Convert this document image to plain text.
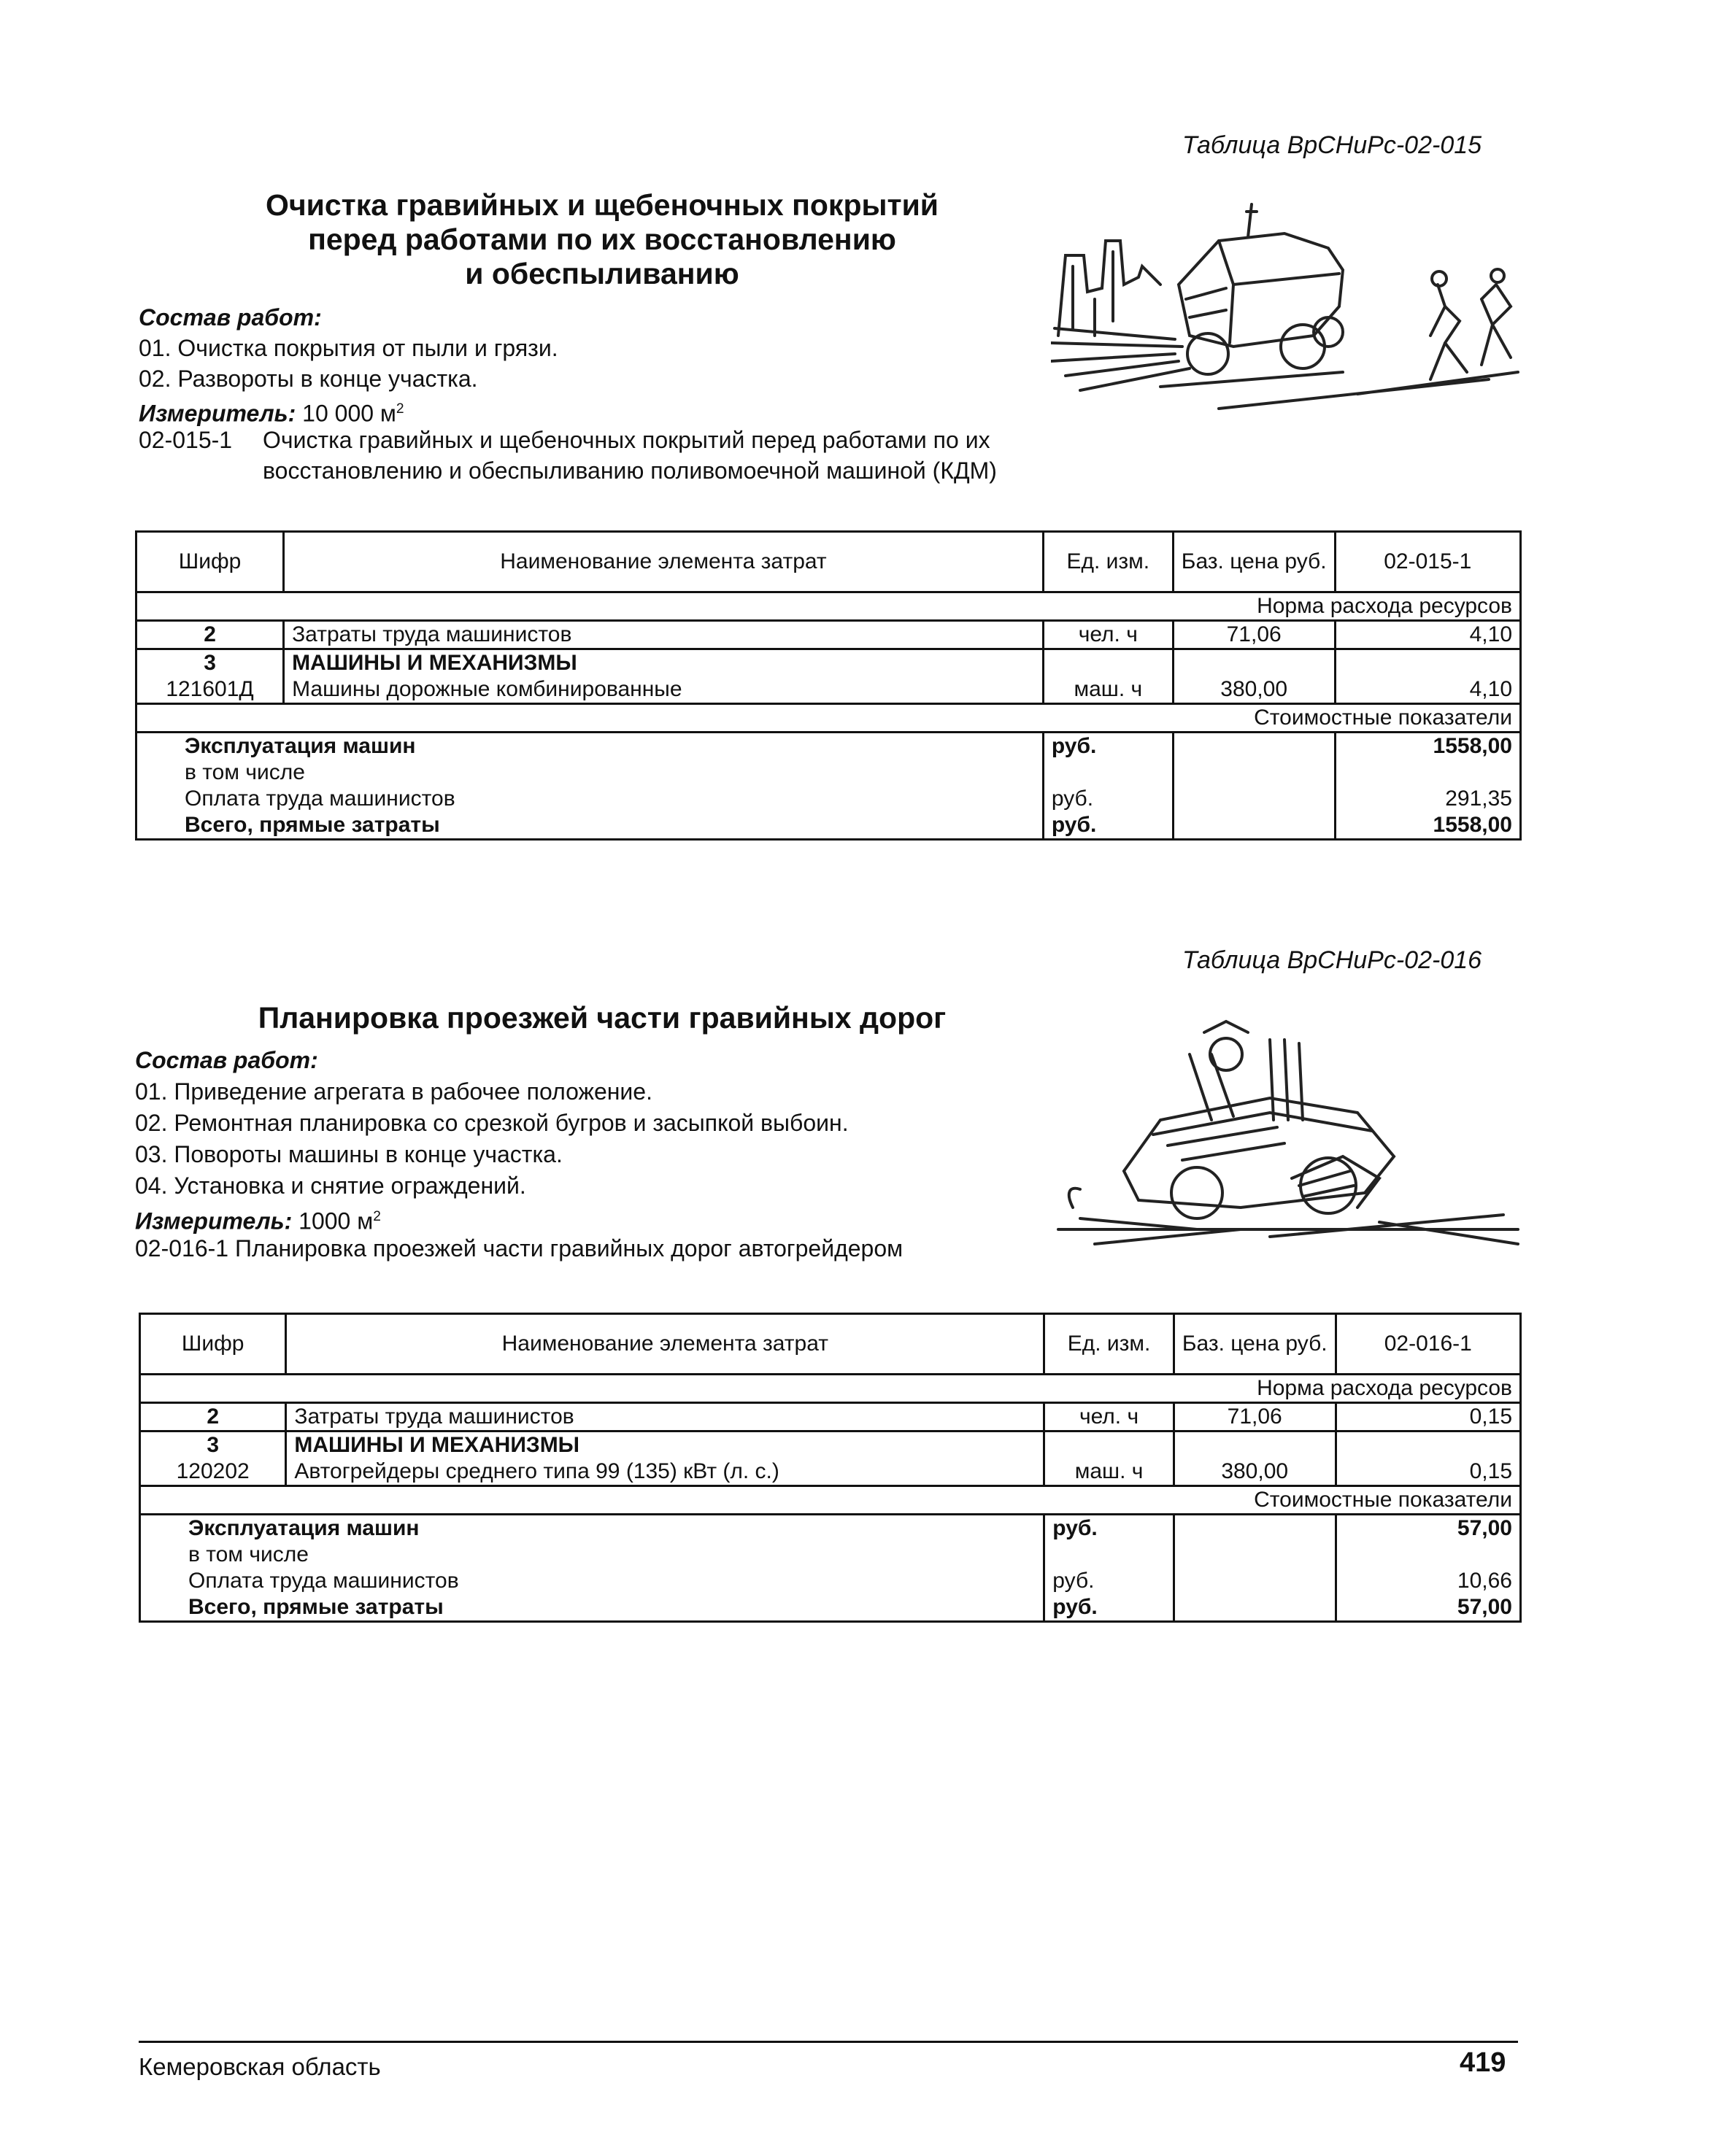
Таблица ВрСНиРс-02-015
Очистка гравийных и щебеночных покрытий
перед работами по их восстановлению
и обеспыливанию
Состав работ:
01. Очистка покрытия от пыли и грязи.
02. Развороты в конце участка.
Измеритель: 10 000 $м^2$
02-015-1 Очистка гравийных и щебеночных покрытий перед работами по их
восстановлению и обеспыливанию поливомоечной машиной (КДМ)
Шифр	Наименование элемента затрат	Ед. изм.	Баз. цена руб.	02-015-1
Норма расхода ресурсов				
2	Затраты труда машинистов	чел. ч	71,06	4,10
3	МАШИНЫ И МЕХАНИЗМЫ			
121601Д	Машины дорожные комбинированные	маш. ч	380,00	4,10
Стоимостные показатели				
Эксплуатация машин		руб.		1558,00
в том числе				
Оплата труда машинистов		руб.		291,35
Всего, прямые затраты		руб.		1558,00
Таблица ВрСНиРс-02-016
Планировка проезжей части гравийных дорог
Состав работ:
01. Приведение агрегата в рабочее положение.
02. Ремонтная планировка со срезкой бугров и засыпкой выбоин.
03. Повороты машины в конце участка.
04. Установка и снятие ограждений.
Измеритель: 1000 $м^2$
02-016-1 Планировка проезжей части гравийных дорог автогрейдером
Шифр	Наименование элемента затрат	Ед. изм.	Баз. цена руб.	02-016-1
Норма расхода ресурсов				
2	Затраты труда машинистов	чел. ч	71,06	0,15
3	МАШИНЫ И МЕХАНИЗМЫ			
120202	Автогрейдеры среднего типа 99 (135) кВт (л. с.)	маш. ч	380,00	0,15
Стоимостные показатели				
Эксплуатация машин		руб.		57,00
в том числе				
Оплата труда машинистов		руб.		10,66
Всего, прямые затраты		руб.		57,00
Кемеровская область	419
